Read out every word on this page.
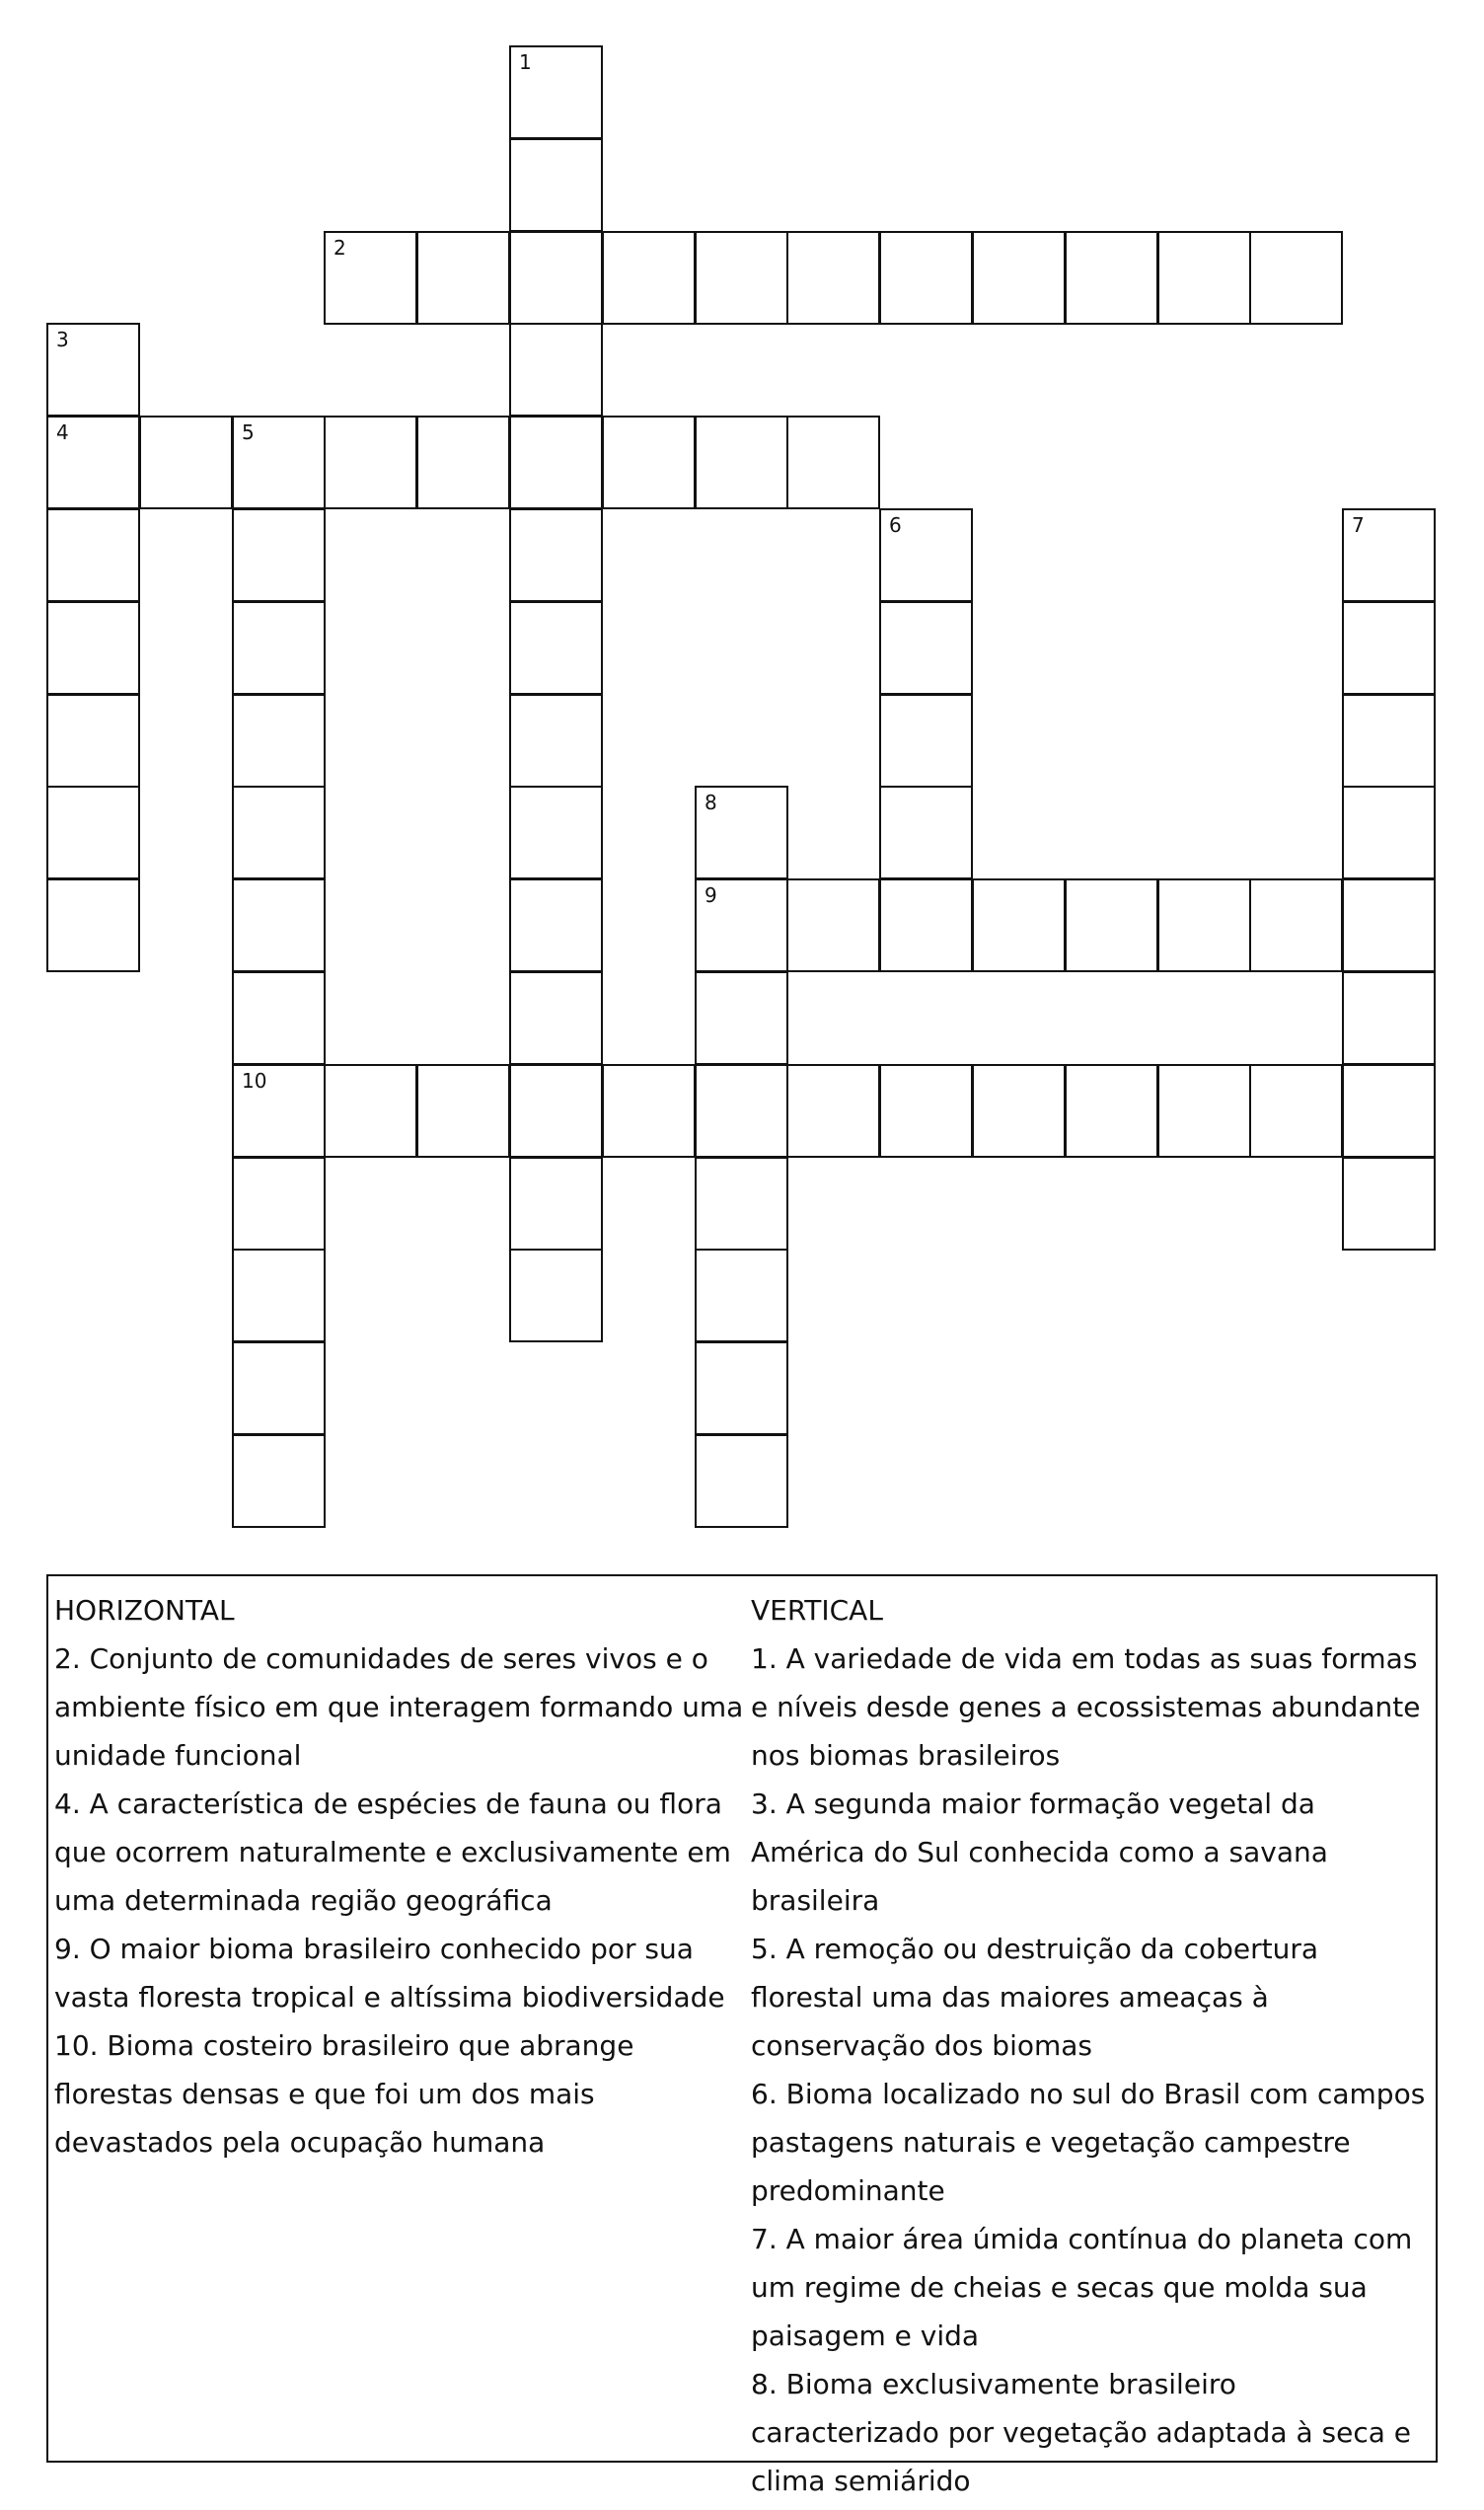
1
2
3
4	5
6	7
8
9
10

HORIZONTAL

2. Conjunto de comunidades de seres vivos e o ambiente físico em que interagem formando uma unidade funcional

4. A característica de espécies de fauna ou flora que ocorrem naturalmente e exclusivamente em uma determinada região geográfica

9. O maior bioma brasileiro conhecido por sua vasta floresta tropical e altíssima biodiversidade

10. Bioma costeiro brasileiro que abrange florestas densas e que foi um dos mais devastados pela ocupação humana

VERTICAL

1. A variedade de vida em todas as suas formas e níveis desde genes a ecossistemas abundante nos biomas brasileiros

3. A segunda maior formação vegetal da América do Sul conhecida como a savana brasileira

5. A remoção ou destruição da cobertura florestal uma das maiores ameaças à conservação dos biomas

6. Bioma localizado no sul do Brasil com campos pastagens naturais e vegetação campestre predominante

7. A maior área úmida contínua do planeta com um regime de cheias e secas que molda sua paisagem e vida

8. Bioma exclusivamente brasileiro caracterizado por vegetação adaptada à seca e clima semiárido
